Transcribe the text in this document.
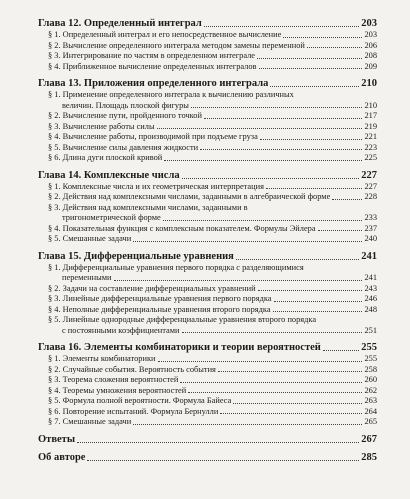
Глава 12. Определенный интеграл	203
§ 1. Определенный интеграл и его непосредственное вычисление	203
§ 2. Вычисление определенного интеграла методом замены переменной	206
§ 3. Интегрирование по частям в определенном интеграле	208
§ 4. Приближенное вычисление определенных интегралов	209
Глава 13. Приложения определенного интеграла	210
§ 1. Применение определенного интеграла к вычислению различных
величин. Площадь плоской фигуры	210
§ 2. Вычисление пути, пройденного точкой	217
§ 3. Вычисление работы силы	219
§ 4. Вычисление работы, производимой при подъеме груза	221
§ 5. Вычисление силы давления жидкости	223
§ 6. Длина дуги плоской кривой	225
Глава 14. Комплексные числа	227
§ 1. Комплексные числа и их геометрическая интерпретация	227
§ 2. Действия над комплексными числами, заданными в алгебраической форме	228
§ 3. Действия над комплексными числами, заданными в
тригонометрической форме	233
§ 4. Показательная функция с комплексным показателем. Формулы Эйлера	237
§ 5. Смешанные задачи	240
Глава 15. Дифференциальные уравнения	241
§ 1. Дифференциальные уравнения первого порядка с разделяющимися
переменными	241
§ 2. Задачи на составление дифференциальных уравнений	243
§ 3. Линейные дифференциальные уравнения первого порядка	246
§ 4. Неполные дифференциальные уравнения второго порядка	248
§ 5. Линейные однородные дифференциальные уравнения второго порядка
с постоянными коэффициентами	251
Глава 16. Элементы комбинаторики и теории вероятностей	255
§ 1. Элементы комбинаторики	255
§ 2. Случайные события. Вероятность события	258
§ 3. Теорема сложения вероятностей	260
§ 4. Теоремы умножения вероятностей	262
§ 5. Формула полной вероятности. Формула Байеса	263
§ 6. Повторение испытаний. Формула Бернулли	264
§ 7. Смешанные задачи	265
Ответы	267
Об авторе	285
